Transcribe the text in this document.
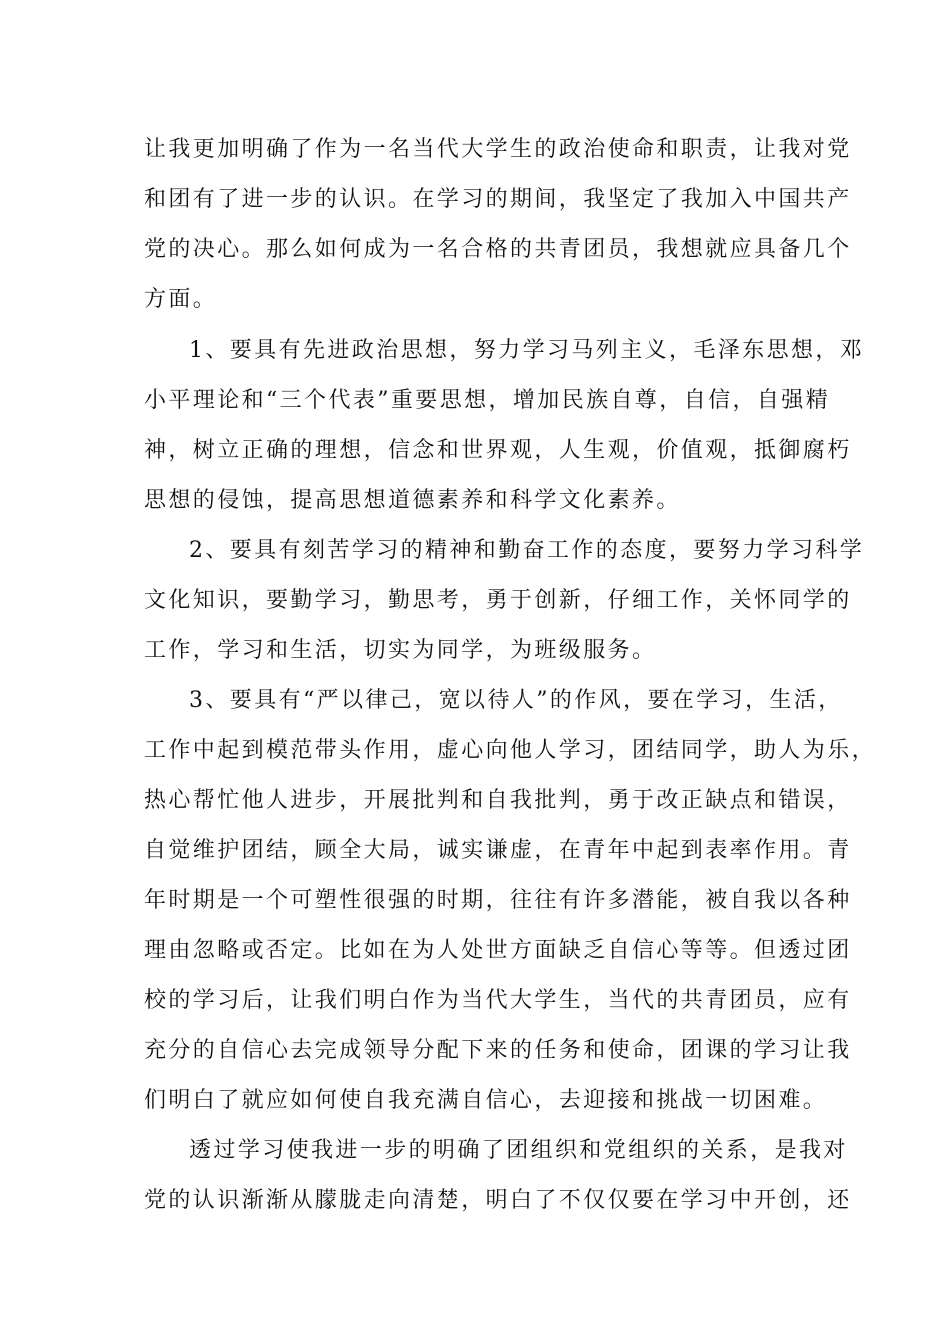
让我更加明确了作为一名当代大学生的政治使命和职责，让我对党
和团有了进一步的认识。在学习的期间，我坚定了我加入中国共产
党的决心。那么如何成为一名合格的共青团员，我想就应具备几个
方面。
1、要具有先进政治思想，努力学习马列主义，毛泽东思想，邓
小平理论和“三个代表”重要思想，增加民族自尊，自信，自强精
神，树立正确的理想，信念和世界观，人生观，价值观，抵御腐朽
思想的侵蚀，提高思想道德素养和科学文化素养。
2、要具有刻苦学习的精神和勤奋工作的态度，要努力学习科学
文化知识，要勤学习，勤思考，勇于创新，仔细工作，关怀同学的
工作，学习和生活，切实为同学，为班级服务。
3、要具有“严以律己，宽以待人”的作风，要在学习，生活，
工作中起到模范带头作用，虚心向他人学习，团结同学，助人为乐，
热心帮忙他人进步，开展批判和自我批判，勇于改正缺点和错误，
自觉维护团结，顾全大局，诚实谦虚，在青年中起到表率作用。青
年时期是一个可塑性很强的时期，往往有许多潜能，被自我以各种
理由忽略或否定。比如在为人处世方面缺乏自信心等等。但透过团
校的学习后，让我们明白作为当代大学生，当代的共青团员，应有
充分的自信心去完成领导分配下来的任务和使命，团课的学习让我
们明白了就应如何使自我充满自信心，去迎接和挑战一切困难。
透过学习使我进一步的明确了团组织和党组织的关系，是我对
党的认识渐渐从朦胧走向清楚，明白了不仅仅要在学习中开创，还
